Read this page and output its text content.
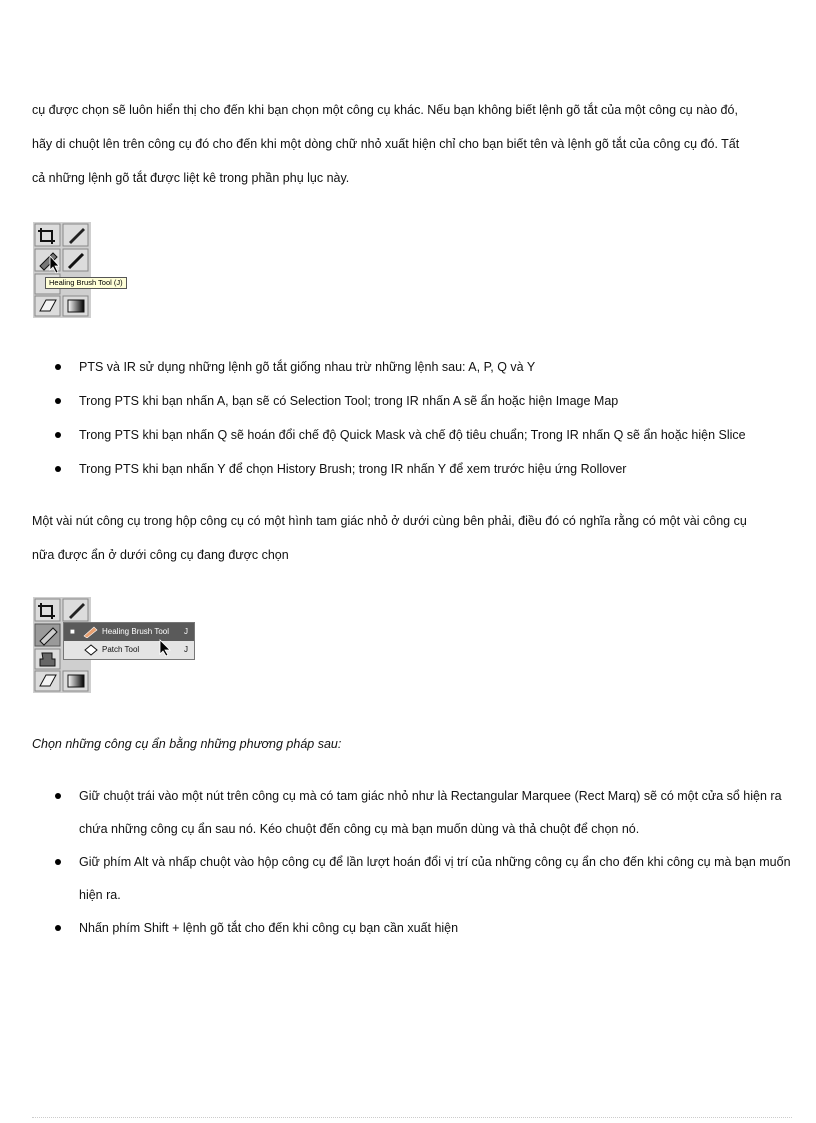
cụ được chọn sẽ luôn hiển thị cho đến khi bạn chọn một công cụ khác. Nếu bạn không biết lệnh gõ tắt của một công cụ nào đó,
hãy di chuột lên trên công cụ đó cho đến khi một dòng chữ nhỏ xuất hiện chỉ cho bạn biết tên và lệnh gõ tắt của công cụ đó. Tất
cả những lệnh gõ tắt được liệt kê trong phần phụ lục này.
Healing Brush Tool (J)
PTS và IR sử dụng những lệnh gõ tắt giống nhau trừ những lệnh sau: A, P, Q và Y
Trong PTS khi bạn nhấn A, bạn sẽ có Selection Tool; trong IR nhấn A sẽ ẩn hoặc hiện Image Map
Trong PTS khi bạn nhấn Q sẽ hoán đổi chế độ Quick Mask và chế độ tiêu chuẩn; Trong IR nhấn Q sẽ ẩn hoặc hiện Slice
Trong PTS khi bạn nhấn Y để chọn History Brush; trong IR nhấn Y để xem trước hiệu ứng Rollover
Một vài nút công cụ trong hộp công cụ có một hình tam giác nhỏ ở dưới cùng bên phải, điều đó có nghĩa rằng có một vài công cụ
nữa được ẩn ở dưới công cụ đang được chọn
■	Healing Brush Tool J
Patch Tool	J
Chọn những công cụ ẩn bằng những phương pháp sau:
Giữ chuột trái vào một nút trên công cụ mà có tam giác nhỏ như là Rectangular Marquee (Rect Marq) sẽ có một cửa sổ hiện ra chứa những công cụ ẩn sau nó. Kéo chuột đến công cụ mà bạn muốn dùng và thả chuột để chọn nó.
Giữ phím Alt và nhấp chuột vào hộp công cụ để lần lượt hoán đổi vị trí của những công cụ ẩn cho đến khi công cụ mà bạn muốn hiện ra.
Nhấn phím Shift + lệnh gõ tắt cho đến khi công cụ bạn cần xuất hiện
